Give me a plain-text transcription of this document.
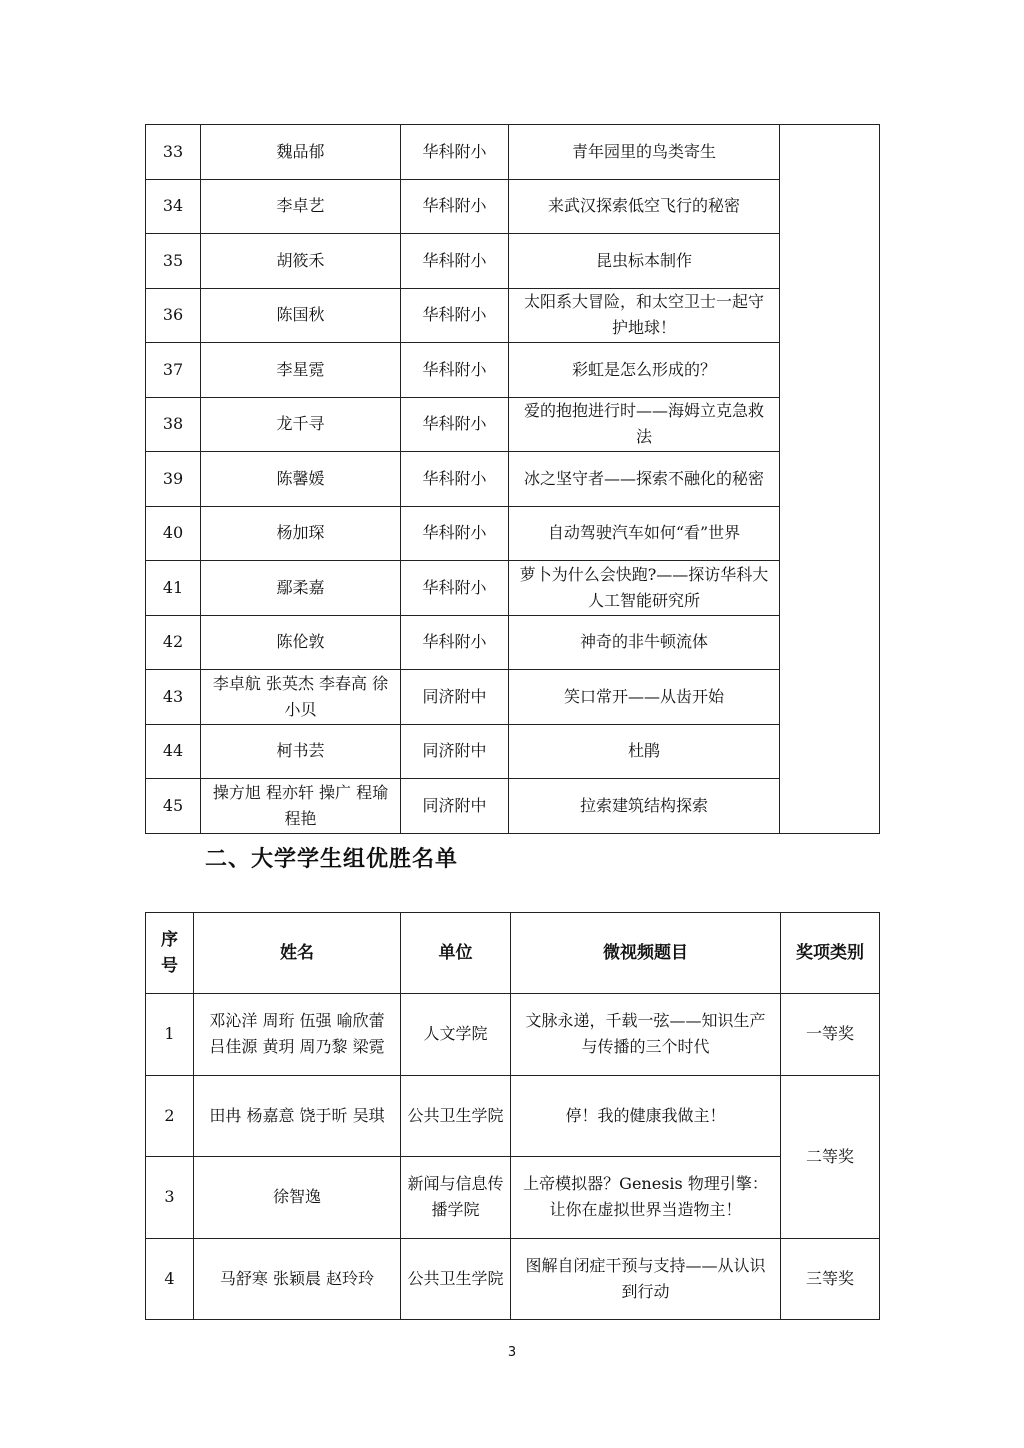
33	魏品郁	华科附小	青年园里的鸟类寄生	
34	李卓艺	华科附小	来武汉探索低空飞行的秘密	
35	胡筱禾	华科附小	昆虫标本制作	
36	陈国秋	华科附小	太阳系大冒险，和太空卫士一起守护地球！	
37	李星霓	华科附小	彩虹是怎么形成的？	
38	龙千寻	华科附小	爱的抱抱进行时——海姆立克急救法	
39	陈馨媛	华科附小	冰之坚守者——探索不融化的秘密	
40	杨加琛	华科附小	自动驾驶汽车如何“看”世界	
41	鄢柔嘉	华科附小	萝卜为什么会快跑?——探访华科大人工智能研究所	
42	陈伦敦	华科附小	神奇的非牛顿流体	
43	李卓航 张英杰 李春高 徐小贝	同济附中	笑口常开——从齿开始	
44	柯书芸	同济附中	杜鹃	
45	操方旭 程亦轩 操广 程瑜 程艳	同济附中	拉索建筑结构探索	
二、大学学生组优胜名单
序号	姓名	单位	微视频题目	奖项类别
1	邓沁洋 周珩 伍强 喻欣蕾 吕佳源 黄玥 周乃黎 梁霓	人文学院	文脉永递，千载一弦——知识生产与传播的三个时代	一等奖
2	田冉 杨嘉意 饶于昕 吴琪	公共卫生学院	停！我的健康我做主！	二等奖
3	徐智逸	新闻与信息传播学院	上帝模拟器？Genesis 物理引擎：让你在虚拟世界当造物主！	
4	马舒寒 张颖晨 赵玲玲	公共卫生学院	图解自闭症干预与支持——从认识到行动	三等奖
3
